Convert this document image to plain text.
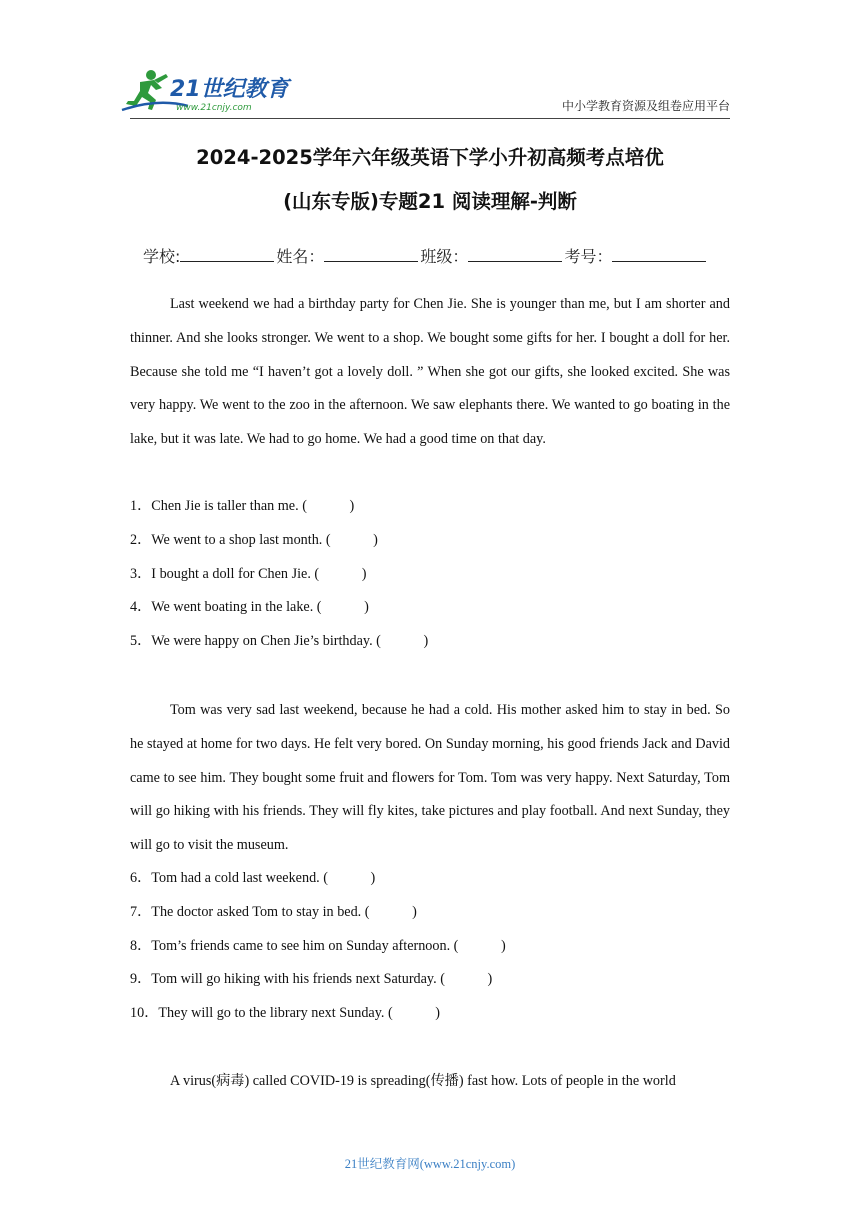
21世纪教育
www.21cnjy.com	中小学教育资源及组卷应用平台
2024-2025学年六年级英语下学小升初高频考点培优
(山东专版)专题21 阅读理解-判断
学校:	姓名：	班级：	考号：

Last weekend we had a birthday party for Chen Jie. She is younger than me, but I am shorter and thinner. And she looks stronger. We went to a shop. We bought some gifts for her. I bought a doll for her. Because she told me “I haven’t got a lovely doll. ” When she got our gifts, she looked excited. She was very happy. We went to the zoo in the afternoon. We saw elephants there. We wanted to go boating in the lake, but it was late. We had to go home. We had a good time on that day.

1．Chen Jie is taller than me. (　　　)
2．We went to a shop last month. (　　　)
3．I bought a doll for Chen Jie. (　　　)
4．We went boating in the lake. (　　　)
5．We were happy on Chen Jie’s birthday. (　　　)

Tom was very sad last weekend, because he had a cold. His mother asked him to stay in bed. So he stayed at home for two days. He felt very bored. On Sunday morning, his good friends Jack and David came to see him. They bought some fruit and flowers for Tom. Tom was very happy. Next Saturday, Tom will go hiking with his friends. They will fly kites, take pictures and play football. And next Sunday, they will go to visit the museum.

6．Tom had a cold last weekend. (　　　)
7．The doctor asked Tom to stay in bed. (　　　)
8．Tom’s friends came to see him on Sunday afternoon. (　　　)
9．Tom will go hiking with his friends next Saturday. (　　　)
10．They will go to the library next Sunday. (　　　)

A virus(病毒) called COVID-19 is spreading(传播) fast how. Lots of people in the world

21世纪教育网(www.21cnjy.com)
